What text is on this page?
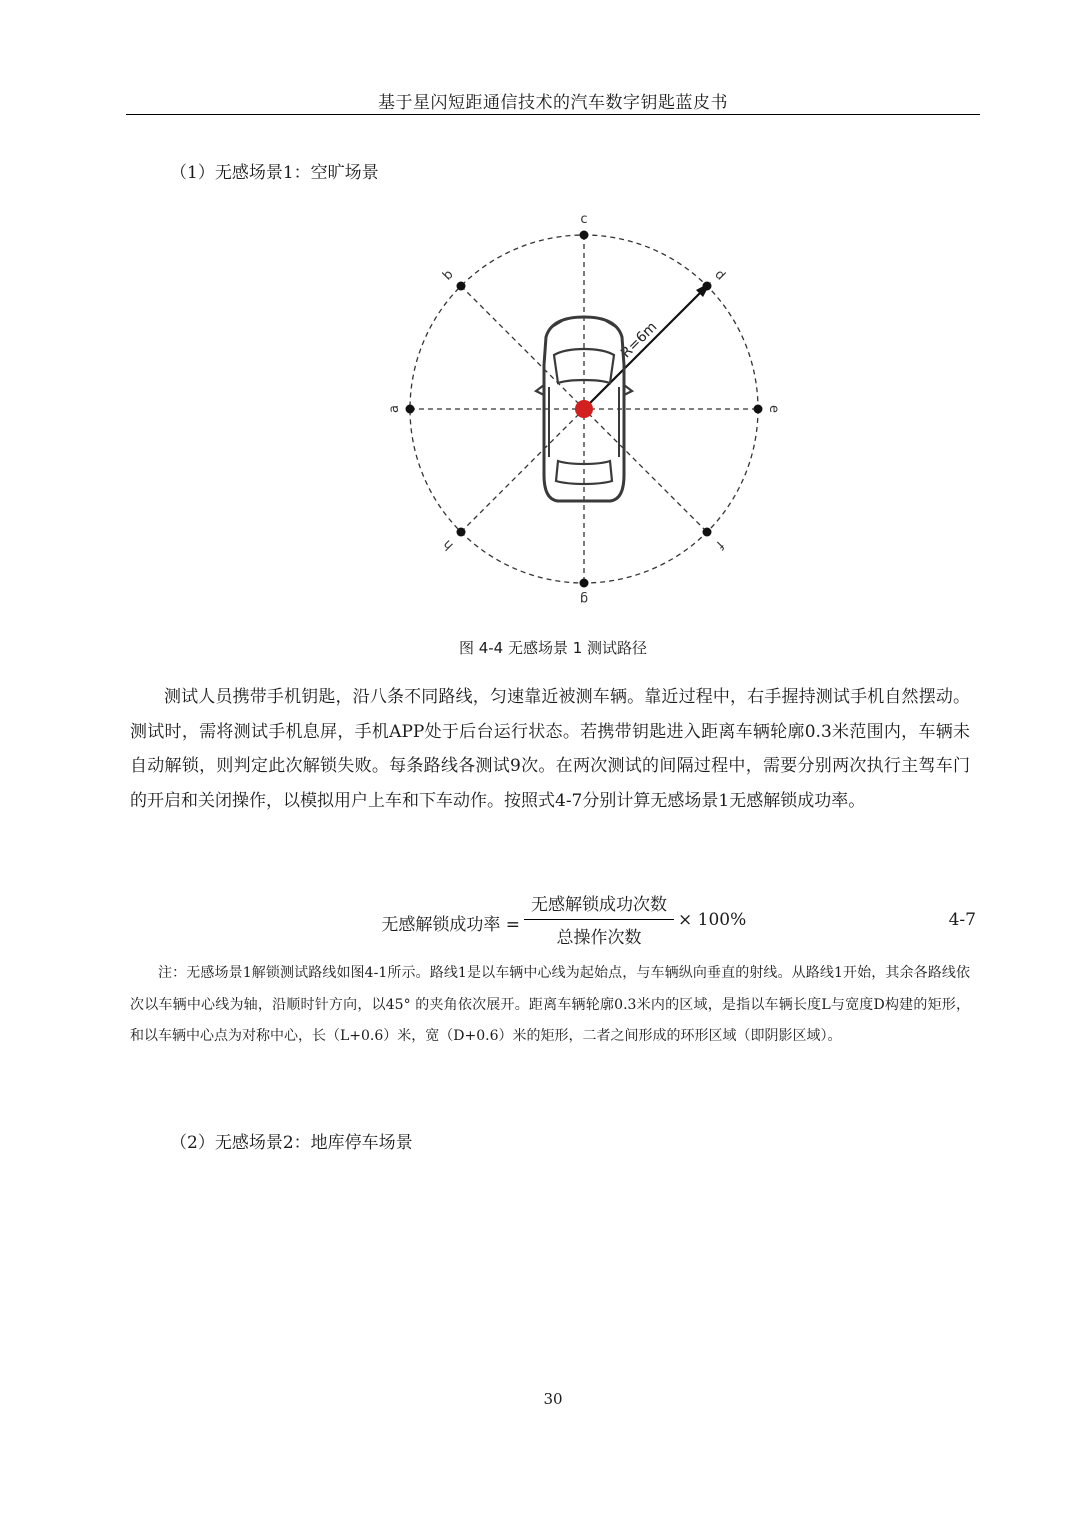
基于星闪短距通信技术的汽车数字钥匙蓝皮书
（1）无感场景1：空旷场景
R=6m
a
b
c
d
e
f
g
h
图 4-4 无感场景 1 测试路径

测试人员携带手机钥匙，沿八条不同路线，匀速靠近被测车辆。靠近过程中，右手握持测试手机自然摆动。测试时，需将测试手机息屏，手机APP处于后台运行状态。若携带钥匙进入距离车辆轮廓0.3米范围内，车辆未自动解锁，则判定此次解锁失败。每条路线各测试9次。在两次测试的间隔过程中，需要分别两次执行主驾车门的开启和关闭操作，以模拟用户上车和下车动作。按照式4-7分别计算无感场景1无感解锁成功率。

无感解锁成功率 =
无感解锁成功次数
总操作次数
× 100%	4-7

注：无感场景1解锁测试路线如图4-1所示。路线1是以车辆中心线为起始点，与车辆纵向垂直的射线。从路线1开始，其余各路线依次以车辆中心线为轴，沿顺时针方向，以45° 的夹角依次展开。距离车辆轮廓0.3米内的区域，是指以车辆长度L与宽度D构建的矩形，和以车辆中心点为对称中心，长（L+0.6）米，宽（D+0.6）米的矩形，二者之间形成的环形区域（即阴影区域）。

（2）无感场景2：地库停车场景
30
